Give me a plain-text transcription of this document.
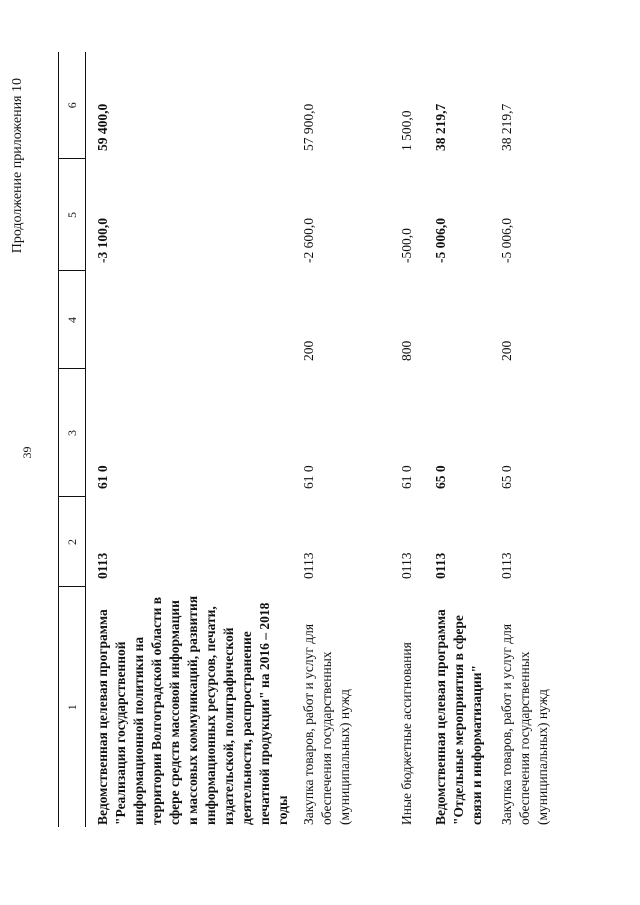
39
Продолжение приложения 10
1	2	3	4	5	6
Ведомственная целевая программа "Реализация государственной информационной политики на территории Волгоградской области в сфере средств массовой информации и массовых коммуникаций, развития информационных ресурсов, печати, издательской, полиграфической деятельности, распространение печатной продукции" на 2016 – 2018 годы	0113	61 0		-3 100,0	59 400,0
Закупка товаров, работ и услуг для обеспечения государственных (муниципальных) нужд	0113	61 0	200	-2 600,0	57 900,0
Иные бюджетные ассигнования	0113	61 0	800	-500,0	1 500,0
Ведомственная целевая программа "Отдельные мероприятия в сфере связи и информатизации"	0113	65 0		-5 006,0	38 219,7
Закупка товаров, работ и услуг для обеспечения государственных (муниципальных) нужд	0113	65 0	200	-5 006,0	38 219,7
